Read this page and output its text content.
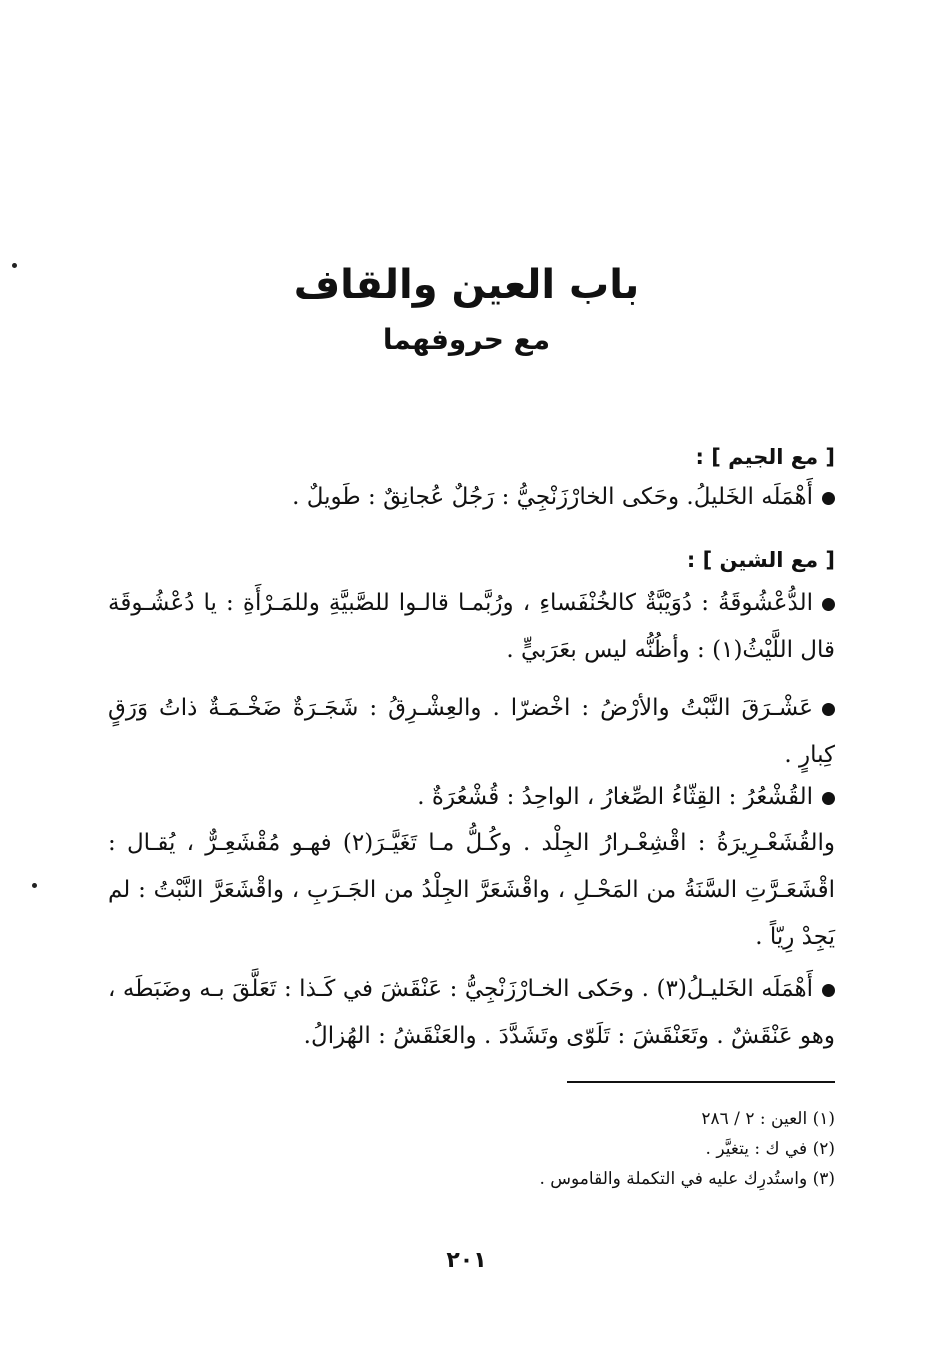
باب العين والقاف
مع حروفهما
[ مع الجيم ] :
أَهْمَلَه الخَليلُ. وحَكى الخارْزَنْجِيُّ : رَجُلٌ عُجانِقٌ : طَويلٌ .
[ مع الشين ] :
الدُّعْشُوقَةُ : دُوَيْبَّةٌ كالخُنْفَساءِ ، ورُبَّمـا قالـوا للصَّبيَّةِ وللمَـرْأَةِ : يا دُعْشُـوقَة قال اللَّيْثُ(١) : وأظُنُّه ليس بعَرَبيٍّ .
عَشْـرَقَ النَّبْتُ والأرْضُ : اخْضرّا . والعِشْـرِقُ : شَجَـرَةٌ ضَخْـمَـةٌ ذاتُ وَرَقٍ كِبارٍ .
القُشْعُرُ : القِثّاءُ الصِّغارُ ، الواحِدُ : قُشْعُرَةٌ .
والقُشَعْـرِيرَةُ : اقْشِعْـرارُ الجِلْد . وكُـلُّ مـا تَغَيَّـرَ(٢) فهـو مُقْشَعِـرٌّ ، يُقـال : اقْشَعَـرَّتِ السَّنَةُ من المَحْـلِ ، واقْشَعَرَّ الجِلْدُ من الجَـرَبِ ، واقْشَعَرَّ النَّبْتُ : لم يَجِدْ رِيّاً .
أَهْمَلَه الخَليـلُ(٣) . وحَكى الخـارْزَنْجِيُّ : عَنْقَشَ في كَـذا : تَعَلَّقَ بـه وضَبَطَه ، وهو عَنْقَشٌ . وتَعَنْقَشَ : تَلَوّى وتَشَدَّدَ . والعَنْقَشُ : الهُزالُ.
(١) العين : ٢ / ٢٨٦
(٢) في ك : يتغيَّر .
(٣) واستُدرِك عليه في التكملة والقاموس .
٢٠١
